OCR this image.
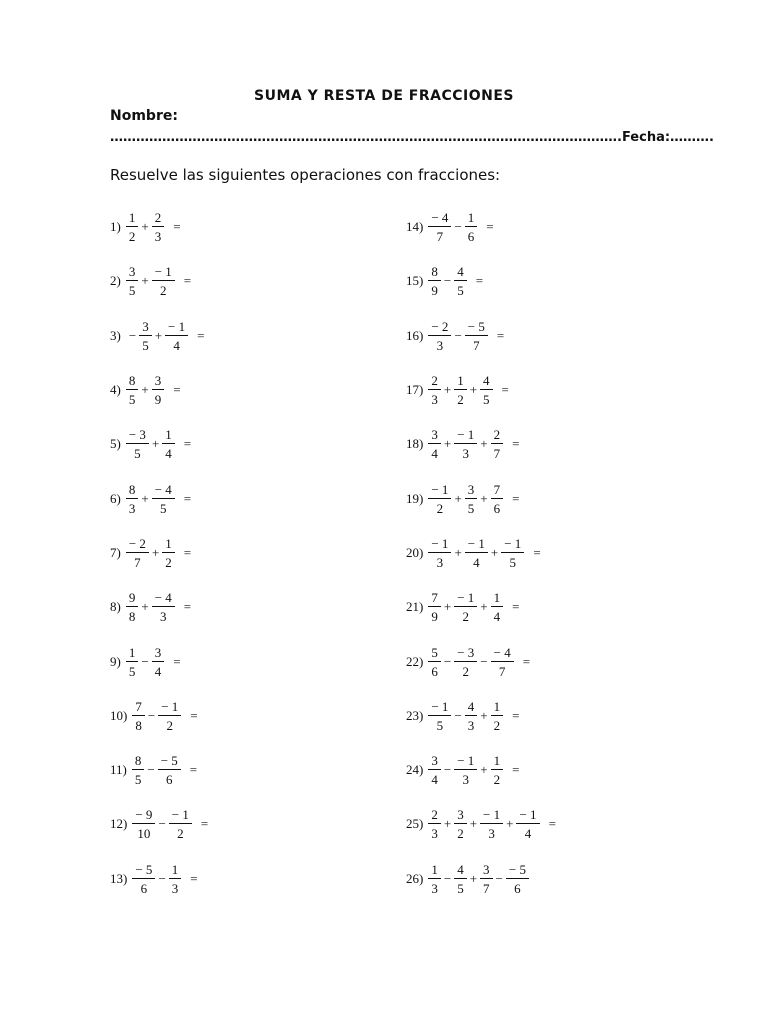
SUMA Y RESTA DE FRACCIONES
Nombre:
……………………………………………………………………………………………………….Fecha:……….
Resuelve las siguientes operaciones con fracciones:
$1) \frac{1}{2} + \frac{2}{3}$ =
$2) \frac{3}{5} + \frac{- 1}{2}$ =
$3) - \frac{3}{5} + \frac{- 1}{4}$ =
$4) \frac{8}{5} + \frac{3}{9}$ =
$5) \frac{- 3}{5} + \frac{1}{4}$ =
$6) \frac{8}{3} + \frac{- 4}{5}$ =
$7) \frac{- 2}{7} + \frac{1}{2}$ =
$8) \frac{9}{8} + \frac{- 4}{3}$ =
$9) \frac{1}{5} - \frac{3}{4}$ =
$10) \frac{7}{8} - \frac{- 1}{2}$ =
$11) \frac{8}{5} - \frac{- 5}{6}$ =
$12) \frac{- 9}{10} - \frac{- 1}{2}$ =
$13) \frac{- 5}{6} - \frac{1}{3}$ =
$14) \frac{- 4}{7} - \frac{1}{6}$ =
$15) \frac{8}{9} - \frac{4}{5}$ =
$16) \frac{- 2}{3} - \frac{- 5}{7}$ =
$17) \frac{2}{3} + \frac{1}{2} + \frac{4}{5}$ =
$18) \frac{3}{4} + \frac{- 1}{3} + \frac{2}{7}$ =
$19) \frac{- 1}{2} + \frac{3}{5} + \frac{7}{6}$ =
$20) \frac{- 1}{3} + \frac{- 1}{4} + \frac{- 1}{5}$ =
$21) \frac{7}{9} + \frac{- 1}{2} + \frac{1}{4}$ =
$22) \frac{5}{6} - \frac{- 3}{2} - \frac{- 4}{7}$ =
$23) \frac{- 1}{5} - \frac{4}{3} + \frac{1}{2}$ =
$24) \frac{3}{4} - \frac{- 1}{3} + \frac{1}{2}$ =
$25) \frac{2}{3} + \frac{3}{2} + \frac{- 1}{3} + \frac{- 1}{4}$ =
$26) \frac{1}{3} - \frac{4}{5} + \frac{3}{7} - \frac{- 5}{6}$
